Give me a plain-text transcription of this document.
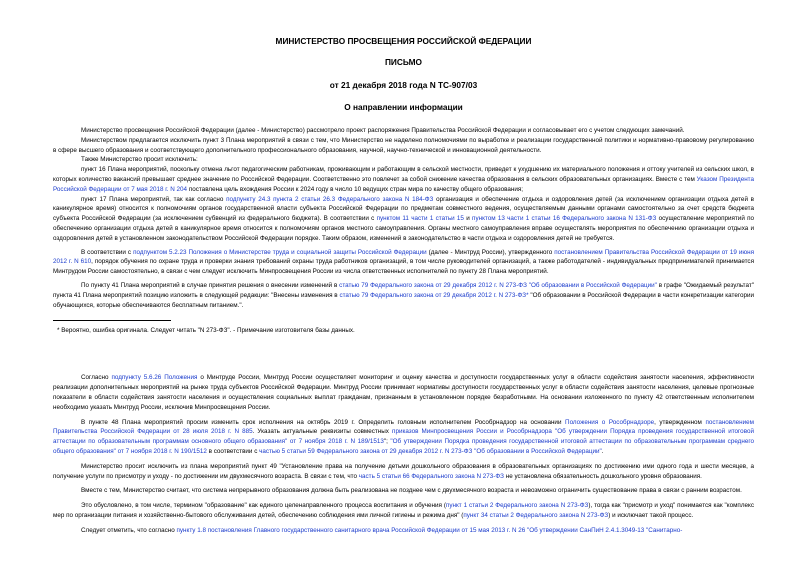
МИНИСТЕРСТВО ПРОСВЕЩЕНИЯ РОССИЙСКОЙ ФЕДЕРАЦИИ

ПИСЬМО

от 21 декабря 2018 года N ТС-907/03

О направлении информации

Министерство просвещения Российской Федерации (далее - Министерство) рассмотрело проект распоряжения Правительства Российской Федерации и согласовывает его с учетом следующих замечаний.

Министерством предлагается исключить пункт 3 Плана мероприятий в связи с тем, что Министерство не наделено полномочиями по выработке и реализации государственной политики и нормативно-правовому регулированию в сфере высшего образования и соответствующего дополнительного профессионального образования, научной, научно-технической и инновационной деятельности.

Также Министерство просит исключить:

пункт 16 Плана мероприятий, поскольку отмена льгот педагогическим работникам, проживающим и работающим в сельской местности, приведет к ухудшению их материального положения и оттоку учителей из сельских школ, в которых количество вакансий превышает среднее значение по Российской Федерации. Соответственно это повлечет за собой снижение качества образования в сельских образовательных организациях. Вместе с тем Указом Президента Российской Федерации от 7 мая 2018 г. N 204 поставлена цель вхождения России к 2024 году в число 10 ведущих стран мира по качеству общего образования;

пункт 17 Плана мероприятий, так как согласно подпункту 24.3 пункта 2 статьи 26.3 Федерального закона N 184-ФЗ организация и обеспечение отдыха и оздоровления детей (за исключением организации отдыха детей в каникулярное время) относится к полномочиям органов государственной власти субъекта Российской Федерации по предметам совместного ведения, осуществляемым данными органами самостоятельно за счет средств бюджета субъекта Российской Федерации (за исключением субвенций из федерального бюджета). В соответствии с пунктом 11 части 1 статьи 15 и пунктом 13 части 1 статьи 16 Федерального закона N 131-ФЗ осуществление мероприятий по обеспечению организации отдыха детей в каникулярное время относится к полномочиям органов местного самоуправления. Органы местного самоуправления вправе осуществлять мероприятия по обеспечению организации отдыха и оздоровления детей в установленном законодательством Российской Федерации порядке. Таким образом, изменений в законодательство в части отдыха и оздоровления детей не требуется.

В соответствии с подпунктом 5.2.23 Положения о Министерстве труда и социальной защиты Российской Федерации (далее - Минтруд России), утвержденного постановлением Правительства Российской Федерации от 19 июня 2012 г. N 610, порядок обучения по охране труда и проверки знания требований охраны труда работников организаций, в том числе руководителей организаций, а также работодателей - индивидуальных предпринимателей принимается Минтрудом России самостоятельно, в связи с чем следует исключить Минпросвещения России из числа ответственных исполнителей по пункту 28 Плана мероприятий.

По пункту 41 Плана мероприятий в случае принятия решения о внесении изменений в статью 79 Федерального закона от 29 декабря 2012 г. N 273-ФЗ "Об образовании в Российской Федерации" в графе "Ожидаемый результат" пункта 41 Плана мероприятий позицию изложить в следующей редакции: "Внесены изменения в статью 79 Федерального закона от 29 декабря 2012 г. N 273-ФЗ* "Об образовании в Российской Федерации в части конкретизации категории обучающихся, которые обеспечиваются бесплатным питанием.".

* Вероятно, ошибка оригинала. Следует читать "N 273-ФЗ". - Примечание изготовителя базы данных.

Согласно подпункту 5.6.26 Положения о Минтруде России, Минтруд России осуществляет мониторинг и оценку качества и доступности государственных услуг в области содействия занятости населения, эффективности реализации дополнительных мероприятий на рынке труда субъектов Российской Федерации. Минтруд России принимает нормативы доступности государственных услуг в области содействия занятости населения, целевые прогнозные показатели в области содействия занятости населения и осуществления социальных выплат гражданам, признанным в установленном порядке безработными. На основании изложенного по пункту 42 ответственным исполнителем необходимо указать Минтруд России, исключив Минпросвещения России.

В пункте 48 Плана мероприятий просим изменить срок исполнения на октябрь 2019 г. Определить головным исполнителем Рособрнадзор на основании Положения о Рособрнадзоре, утвержденном постановлением Правительства Российской Федерации от 28 июля 2018 г. N 885. Указать актуальные реквизиты совместных приказов Минпросвещения России и Рособрнадзора "Об утверждении Порядка проведения государственной итоговой аттестации по образовательным программам основного общего образования" от 7 ноября 2018 г. N 189/1513"; "Об утверждении Порядка проведения государственной итоговой аттестации по образовательным программам среднего общего образования" от 7 ноября 2018 г. N 190/1512 в соответствии с частью 5 статьи 59 Федерального закона от 29 декабря 2012 г. N 273-ФЗ "Об образовании в Российской Федерации".

Министерство просит исключить из плана мероприятий пункт 49 "Установление права на получение детьми дошкольного образования в образовательных организациях по достижению ими одного года и шести месяцев, а получение услуги по присмотру и уходу - по достижении им двухмесячного возраста. В связи с тем, что часть 5 статьи 66 Федерального закона N 273-ФЗ не установлена обязательность дошкольного уровня образования.

Вместе с тем, Министерство считает, что система непрерывного образования должна быть реализована не позднее чем с двухмесячного возраста и невозможно ограничить существование права в связи с ранним возрастом.

Это обусловлено, в том числе, термином "образование" как единого целенаправленного процесса воспитания и обучения (пункт 1 статьи 2 Федерального закона N 273-ФЗ), тогда как "присмотр и уход" понимается как "комплекс мер по организации питания и хозяйственно-бытового обслуживания детей, обеспечению соблюдения ими личной гигиены и режима дня" (пункт 34 статьи 2 Федерального закона N 273-ФЗ) и исключает такой процесс.

Следует отметить, что согласно пункту 1.8 постановления Главного государственного санитарного врача Российской Федерации от 15 мая 2013 г. N 26 "Об утверждении СанПиН 2.4.1.3049-13 "Санитарно-
